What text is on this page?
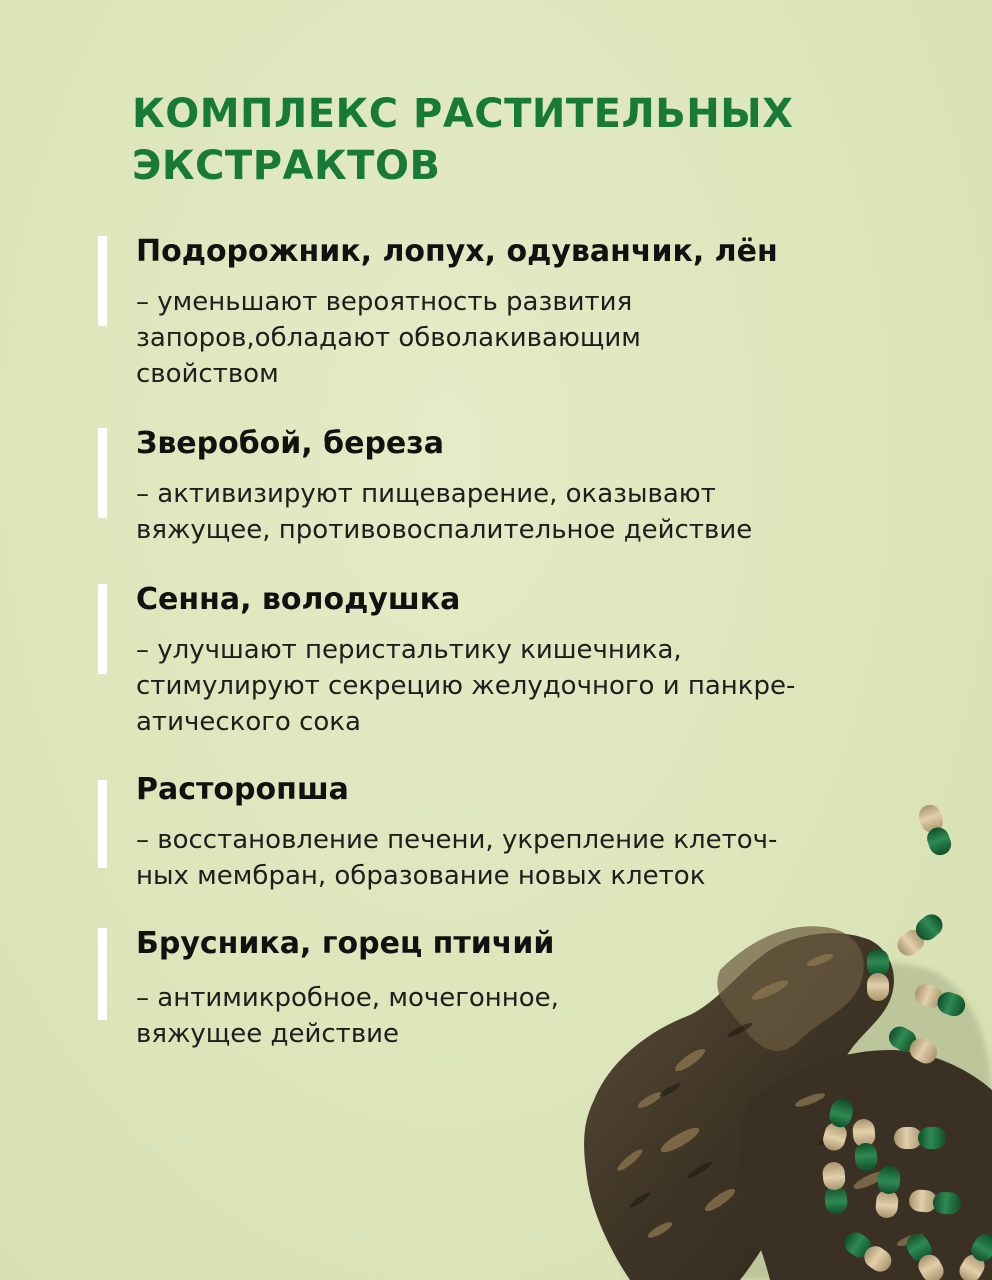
КОМПЛЕКС РАСТИТЕЛЬНЫХ
ЭКСТРАКТОВ
Подорожник, лопух, одуванчик, лён

– уменьшают вероятность развития
запоров,обладают обволакивающим
свойством

Зверобой, береза

– активизируют пищеварение, оказывают
вяжущее, противовоспалительное действие

Сенна, володушка

– улучшают перистальтику кишечника,
стимулируют секрецию желудочного и панкре-
атического сока

Расторопша

– восстановление печени, укрепление клеточ-
ных мембран, образование новых клеток

Брусника, горец птичий

– антимикробное, мочегонное,
вяжущее действие
